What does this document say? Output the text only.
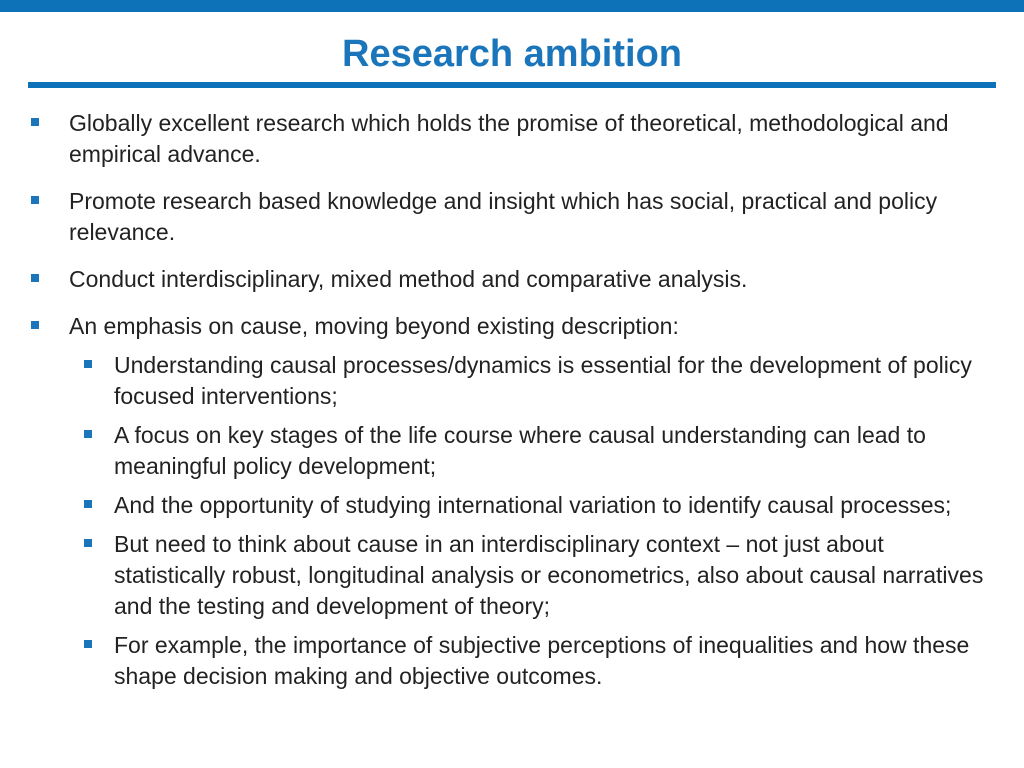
Research ambition
Globally excellent research which holds the promise of theoretical, methodological and empirical advance.
Promote research based knowledge and insight which has social, practical and policy relevance.
Conduct interdisciplinary, mixed method and comparative analysis.
An emphasis on cause, moving beyond existing description:
Understanding causal processes/dynamics is essential for the development of policy focused interventions;
A focus on key stages of the life course where causal understanding can lead to meaningful policy development;
And the opportunity of studying international variation to identify causal processes;
But need to think about cause in an interdisciplinary context – not just about statistically robust, longitudinal analysis or econometrics, also about causal narratives and the testing and development of theory;
For example, the importance of subjective perceptions of inequalities and how these shape decision making and objective outcomes.
